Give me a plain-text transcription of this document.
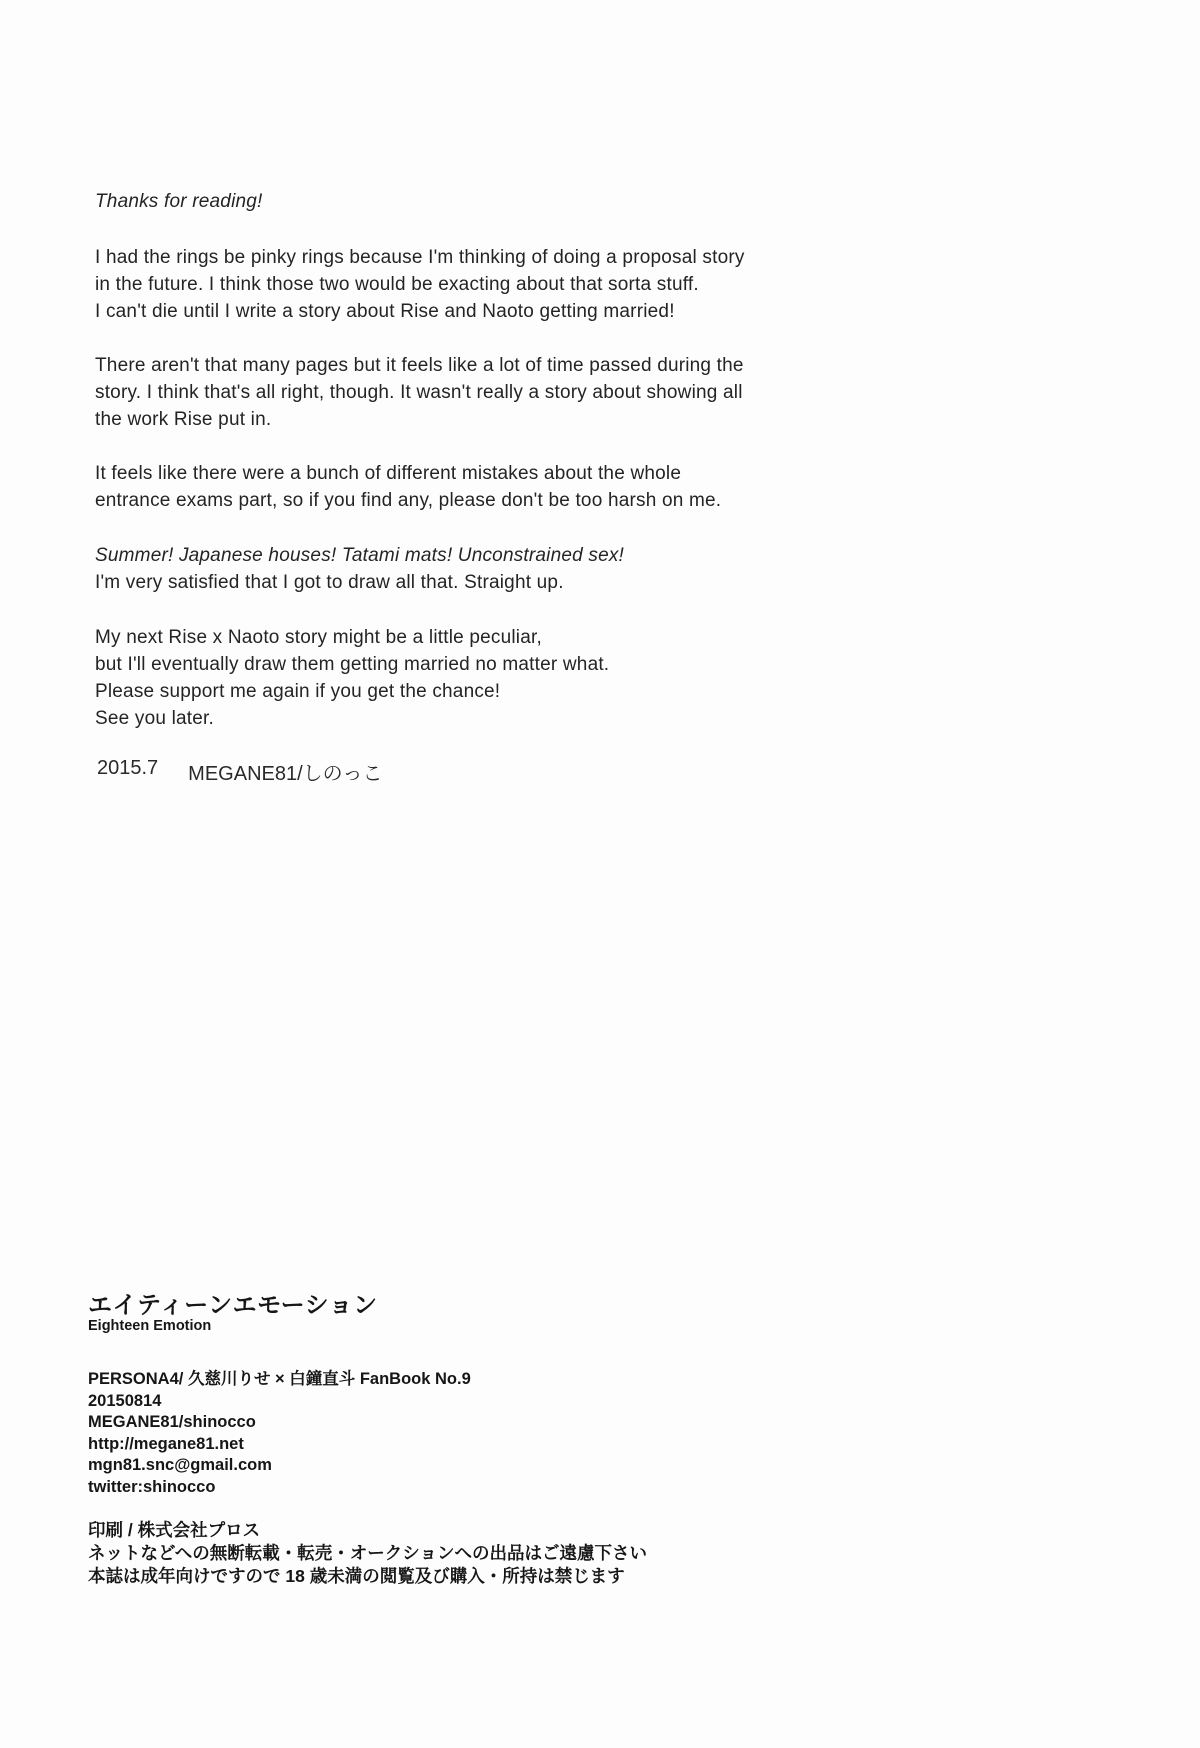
Thanks for reading!

I had the rings be pinky rings because I'm thinking of doing a proposal story
in the future. I think those two would be exacting about that sorta stuff.
I can't die until I write a story about Rise and Naoto getting married!
There aren't that many pages but it feels like a lot of time passed during the
story. I think that's all right, though. It wasn't really a story about showing all
the work Rise put in.
It feels like there were a bunch of different mistakes about the whole
entrance exams part, so if you find any, please don't be too harsh on me.
Summer! Japanese houses! Tatami mats! Unconstrained sex!
I'm very satisfied that I got to draw all that. Straight up.
My next Rise x Naoto story might be a little peculiar,
but I'll eventually draw them getting married no matter what.
Please support me again if you get the chance!
See you later.
2015.7 MEGANE81/しのっこ
エイティーンエモーション
Eighteen Emotion
PERSONA4/ 久慈川りせ × 白鐘直斗 FanBook No.9
20150814
MEGANE81/shinocco
http://megane81.net
mgn81.snc@gmail.com
twitter:shinocco
印刷 / 株式会社プロス
ネットなどへの無断転載・転売・オークションへの出品はご遠慮下さい
本誌は成年向けですので 18 歳未満の閲覧及び購入・所持は禁じます
